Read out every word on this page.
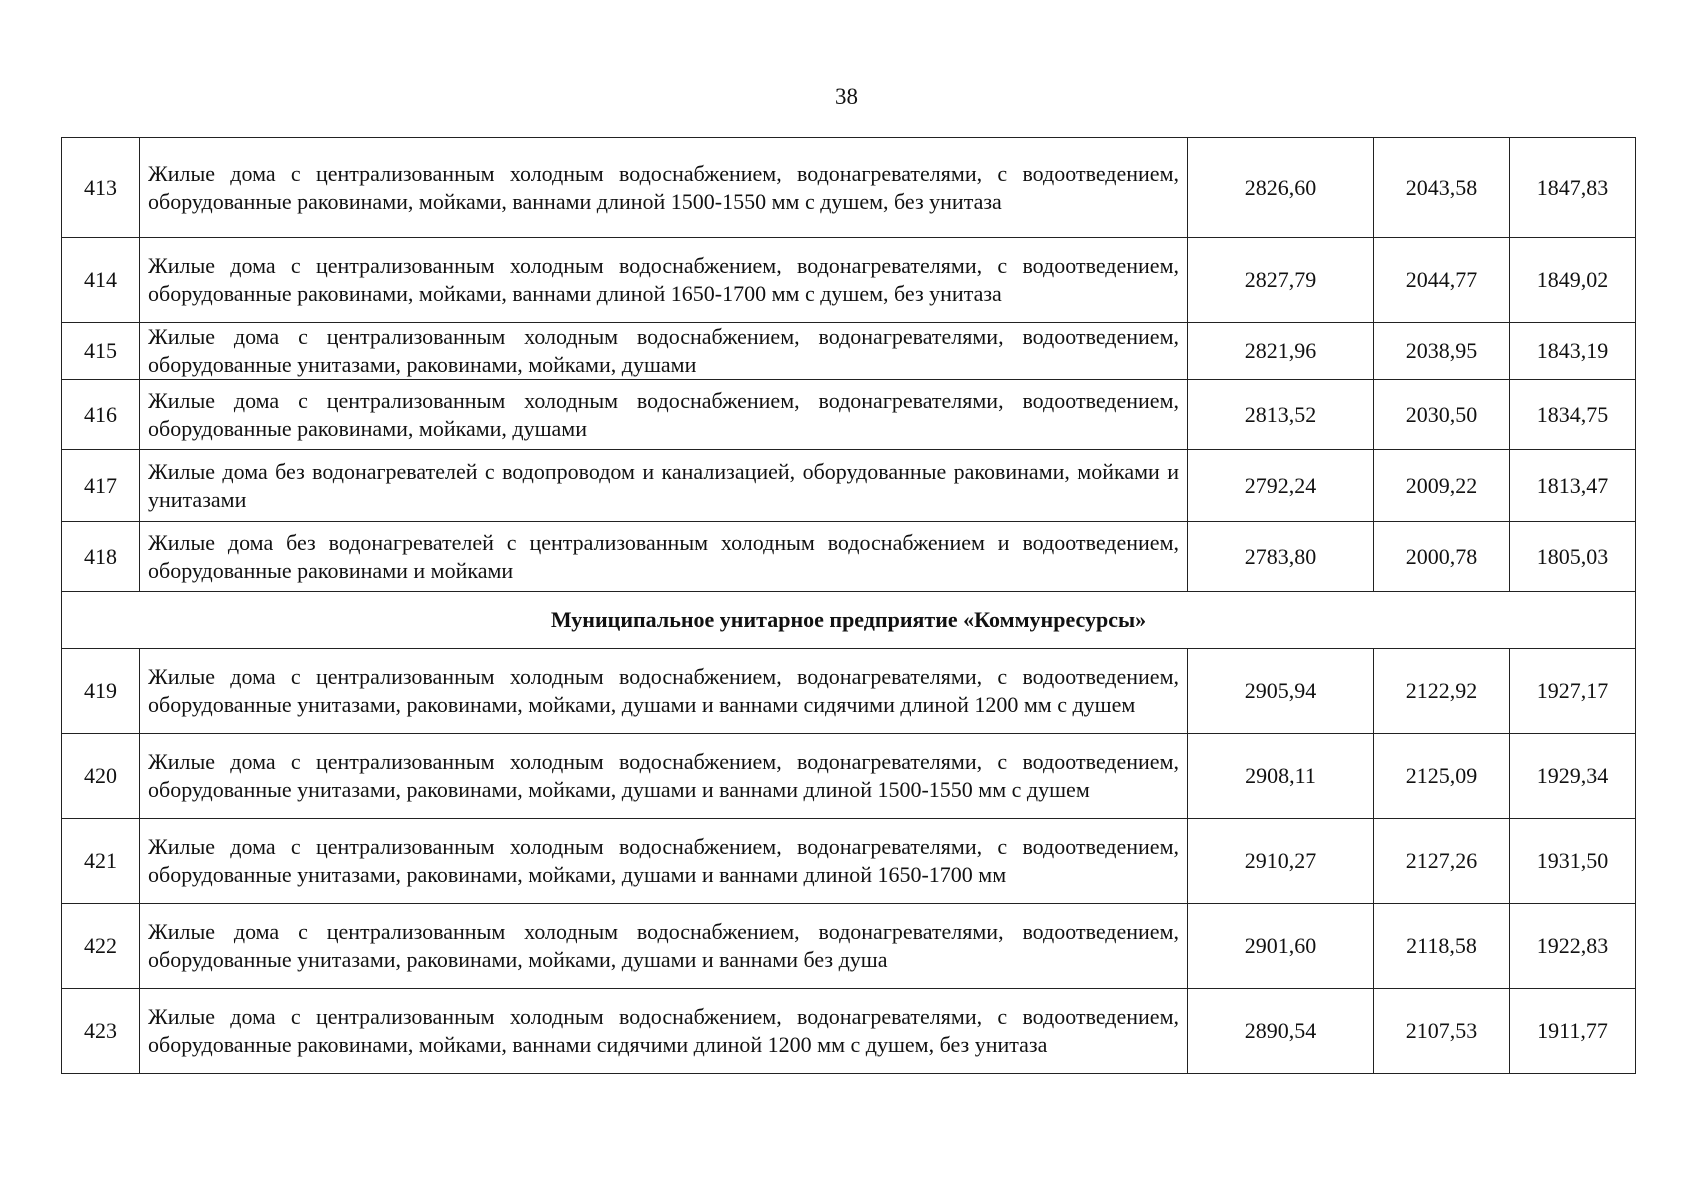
38
413	Жилые дома с централизованным холодным водоснабжением, водонагревателями, с водоотведением, оборудованные раковинами, мойками, ваннами длиной 1500-1550 мм с душем, без унитаза	2826,60	2043,58	1847,83
414	Жилые дома с централизованным холодным водоснабжением, водонагревателями, с водоотведением, оборудованные раковинами, мойками, ваннами длиной 1650-1700 мм с душем, без унитаза	2827,79	2044,77	1849,02
415	Жилые дома с централизованным холодным водоснабжением, водонагревателями, водоотведением, оборудованные унитазами, раковинами, мойками, душами	2821,96	2038,95	1843,19
416	Жилые дома с централизованным холодным водоснабжением, водонагревателями, водоотведением, оборудованные раковинами, мойками, душами	2813,52	2030,50	1834,75
417	Жилые дома без водонагревателей с водопроводом и канализацией, оборудованные раковинами, мойками и унитазами	2792,24	2009,22	1813,47
418	Жилые дома без водонагревателей с централизованным холодным водоснабжением и водоотведением, оборудованные раковинами и мойками	2783,80	2000,78	1805,03
Муниципальное унитарное предприятие «Коммунресурсы»				
419	Жилые дома с централизованным холодным водоснабжением, водонагревателями, с водоотведением, оборудованные унитазами, раковинами, мойками, душами и ваннами сидячими длиной 1200 мм с душем	2905,94	2122,92	1927,17
420	Жилые дома с централизованным холодным водоснабжением, водонагревателями, с водоотведением, оборудованные унитазами, раковинами, мойками, душами и ваннами длиной 1500-1550 мм с душем	2908,11	2125,09	1929,34
421	Жилые дома с централизованным холодным водоснабжением, водонагревателями, с водоотведением, оборудованные унитазами, раковинами, мойками, душами и ваннами длиной 1650-1700 мм	2910,27	2127,26	1931,50
422	Жилые дома с централизованным холодным водоснабжением, водонагревателями, водоотведением, оборудованные унитазами, раковинами, мойками, душами и ваннами без душа	2901,60	2118,58	1922,83
423	Жилые дома с централизованным холодным водоснабжением, водонагревателями, с водоотведением, оборудованные раковинами, мойками, ваннами сидячими длиной 1200 мм с душем, без унитаза	2890,54	2107,53	1911,77
